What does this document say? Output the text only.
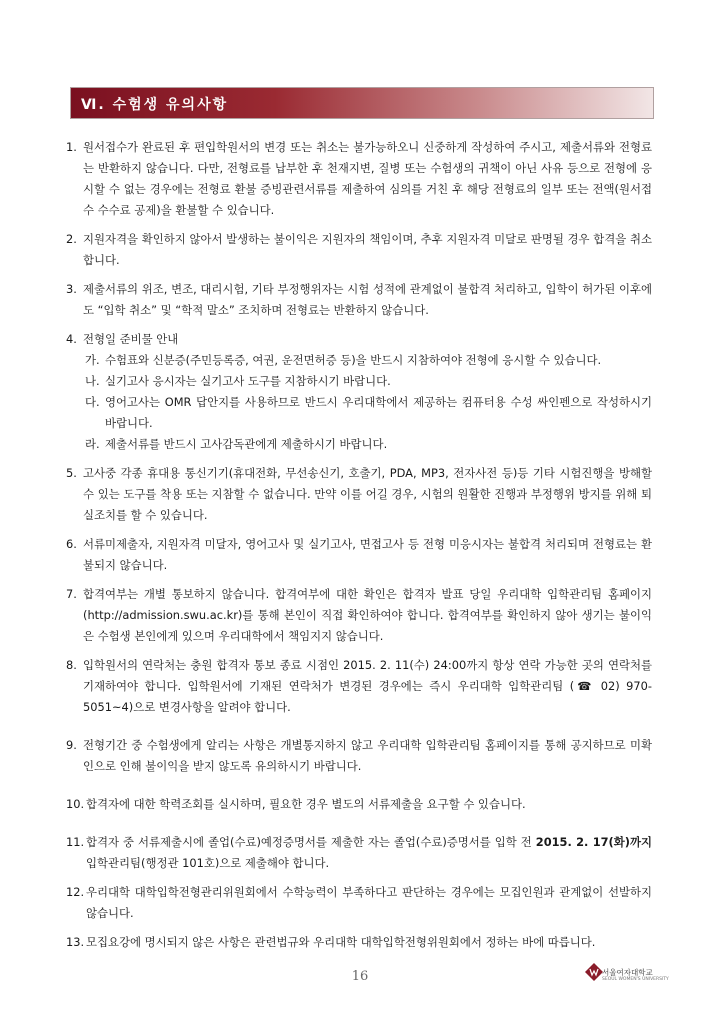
Ⅵ. 수험생 유의사항
1. 원서접수가 완료된 후 편입학원서의 변경 또는 취소는 불가능하오니 신중하게 작성하여 주시고, 제출서류와 전형료는 반환하지 않습니다. 다만, 전형료를 납부한 후 천재지변, 질병 또는 수험생의 귀책이 아닌 사유 등으로 전형에 응시할 수 없는 경우에는 전형료 환불 증빙관련서류를 제출하여 심의를 거친 후 해당 전형료의 일부 또는 전액(원서접수 수수료 공제)을 환불할 수 있습니다.

2. 지원자격을 확인하지 않아서 발생하는 불이익은 지원자의 책임이며, 추후 지원자격 미달로 판명될 경우 합격을 취소합니다.

3. 제출서류의 위조, 변조, 대리시험, 기타 부정행위자는 시험 성적에 관계없이 불합격 처리하고, 입학이 허가된 이후에도 “입학 취소” 및 “학적 말소” 조치하며 전형료는 반환하지 않습니다.

4. 전형일 준비물 안내

가. 수험표와 신분증(주민등록증, 여권, 운전면허증 등)을 반드시 지참하여야 전형에 응시할 수 있습니다.
나. 실기고사 응시자는 실기고사 도구를 지참하시기 바랍니다.
다. 영어고사는 OMR 답안지를 사용하므로 반드시 우리대학에서 제공하는 컴퓨터용 수성 싸인펜으로 작성하시기 바랍니다.
라. 제출서류를 반드시 고사감독관에게 제출하시기 바랍니다.
5. 고사중 각종 휴대용 통신기기(휴대전화, 무선송신기, 호출기, PDA, MP3, 전자사전 등)등 기타 시험진행을 방해할 수 있는 도구를 착용 또는 지참할 수 없습니다. 만약 이를 어길 경우, 시험의 원활한 진행과 부정행위 방지를 위해 퇴실조치를 할 수 있습니다.

6. 서류미제출자, 지원자격 미달자, 영어고사 및 실기고사, 면접고사 등 전형 미응시자는 불합격 처리되며 전형료는 환불되지 않습니다.

7. 합격여부는 개별 통보하지 않습니다. 합격여부에 대한 확인은 합격자 발표 당일 우리대학 입학관리팀 홈페이지(http://admission.swu.ac.kr)를 통해 본인이 직접 확인하여야 합니다. 합격여부를 확인하지 않아 생기는 불이익은 수험생 본인에게 있으며 우리대학에서 책임지지 않습니다.

8. 입학원서의 연락처는 충원 합격자 통보 종료 시점인 2015. 2. 11(수) 24:00까지 항상 연락 가능한 곳의 연락처를 기재하여야 합니다. 입학원서에 기재된 연락처가 변경된 경우에는 즉시 우리대학 입학관리팀 (☎ 02) 970-5051~4)으로 변경사항을 알려야 합니다.

9. 전형기간 중 수험생에게 알리는 사항은 개별통지하지 않고 우리대학 입학관리팀 홈페이지를 통해 공지하므로 미확인으로 인해 불이익을 받지 않도록 유의하시기 바랍니다.

10. 합격자에 대한 학력조회를 실시하며, 필요한 경우 별도의 서류제출을 요구할 수 있습니다.

11. 합격자 중 서류제출시에 졸업(수료)예정증명서를 제출한 자는 졸업(수료)증명서를 입학 전 2015. 2. 17(화)까지 입학관리팀(행정관 101호)으로 제출해야 합니다.

12. 우리대학 대학입학전형관리위원회에서 수학능력이 부족하다고 판단하는 경우에는 모집인원과 관계없이 선발하지 않습니다.

13. 모집요강에 명시되지 않은 사항은 관련법규와 우리대학 대학입학전형위원회에서 정하는 바에 따릅니다.

16	서울여자대학교
SEOUL WOMEN'S UNIVERSITY
